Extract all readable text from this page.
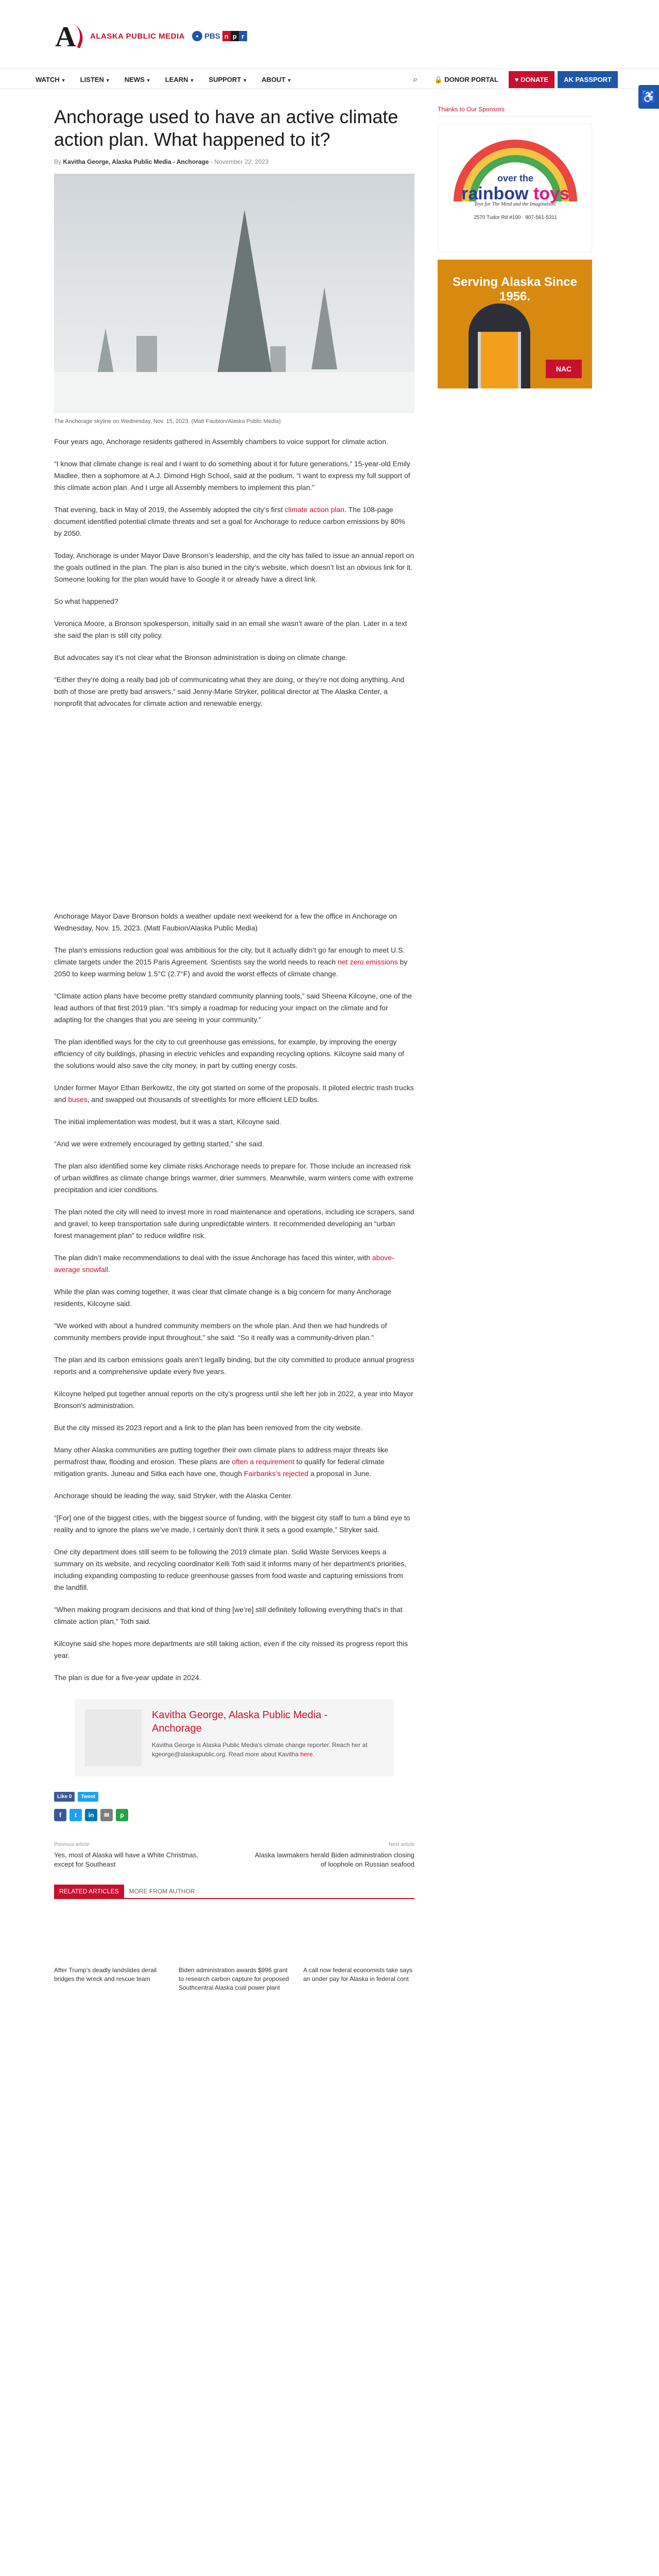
A ALASKA PUBLIC MEDIA	● PBS n p r
WATCH ▼	LISTEN ▼	NEWS ▼	LEARN ▼	SUPPORT ▼	ABOUT ▼	⌕	🔒 DONOR PORTAL	♥ DONATE	AK PASSPORT
♿
Anchorage used to have an active climate action plan. What happened to it?
By Kavitha George, Alaska Public Media - Anchorage - November 22, 2023

The Anchorage skyline on Wednesday, Nov. 15, 2023. (Matt Faubion/Alaska Public Media)

Four years ago, Anchorage residents gathered in Assembly chambers to voice support for climate action.

“I know that climate change is real and I want to do something about it for future generations,” 15-year-old Emily Madlee, then a sophomore at A.J. Dimond High School, said at the podium. “I want to express my full support of this climate action plan. And I urge all Assembly members to implement this plan.”

That evening, back in May of 2019, the Assembly adopted the city’s first climate action plan. The 108-page document identified potential climate threats and set a goal for Anchorage to reduce carbon emissions by 80% by 2050.

Today, Anchorage is under Mayor Dave Bronson’s leadership, and the city has failed to issue an annual report on the goals outlined in the plan. The plan is also buried in the city’s website, which doesn’t list an obvious link for it. Someone looking for the plan would have to Google it or already have a direct link.

So what happened?

Veronica Moore, a Bronson spokesperson, initially said in an email she wasn’t aware of the plan. Later in a text she said the plan is still city policy.

But advocates say it’s not clear what the Bronson administration is doing on climate change.

“Either they’re doing a really bad job of communicating what they are doing, or they’re not doing anything. And both of those are pretty bad answers,” said Jenny-Marie Stryker, political director at The Alaska Center, a nonprofit that advocates for climate action and renewable energy.

Anchorage Mayor Dave Bronson holds a weather update next weekend for a few the office in Anchorage on Wednesday, Nov. 15, 2023. (Matt Faubion/Alaska Public Media)

The plan’s emissions reduction goal was ambitious for the city, but it actually didn’t go far enough to meet U.S. climate targets under the 2015 Paris Agreement. Scientists say the world needs to reach net zero emissions by 2050 to keep warming below 1.5°C (2.7°F) and avoid the worst effects of climate change.

“Climate action plans have become pretty standard community planning tools,” said Sheena Kilcoyne, one of the lead authors of that first 2019 plan. “It’s simply a roadmap for reducing your impact on the climate and for adapting for the changes that you are seeing in your community.”

The plan identified ways for the city to cut greenhouse gas emissions, for example, by improving the energy efficiency of city buildings, phasing in electric vehicles and expanding recycling options. Kilcoyne said many of the solutions would also save the city money, in part by cutting energy costs.

Under former Mayor Ethan Berkowitz, the city got started on some of the proposals. It piloted electric trash trucks and buses, and swapped out thousands of streetlights for more efficient LED bulbs.

The initial implementation was modest, but it was a start, Kilcoyne said.

“And we were extremely encouraged by getting started,” she said.

The plan also identified some key climate risks Anchorage needs to prepare for. Those include an increased risk of urban wildfires as climate change brings warmer, drier summers. Meanwhile, warm winters come with extreme precipitation and icier conditions.

The plan noted the city will need to invest more in road maintenance and operations, including ice scrapers, sand and gravel, to keep transportation safe during unpredictable winters. It recommended developing an “urban forest management plan” to reduce wildfire risk.

The plan didn’t make recommendations to deal with the issue Anchorage has faced this winter, with above-average snowfall.

While the plan was coming together, it was clear that climate change is a big concern for many Anchorage residents, Kilcoyne said.

“We worked with about a hundred community members on the whole plan. And then we had hundreds of community members provide input throughout,” she said. “So it really was a community-driven plan.”

The plan and its carbon emissions goals aren’t legally binding, but the city committed to produce annual progress reports and a comprehensive update every five years.

Kilcoyne helped put together annual reports on the city’s progress until she left her job in 2022, a year into Mayor Bronson’s administration.

But the city missed its 2023 report and a link to the plan has been removed from the city website.

Many other Alaska communities are putting together their own climate plans to address major threats like permafrost thaw, flooding and erosion. These plans are often a requirement to qualify for federal climate mitigation grants. Juneau and Sitka each have one, though Fairbanks’s rejected a proposal in June.

Anchorage should be leading the way, said Stryker, with the Alaska Center.

“[For] one of the biggest cities, with the biggest source of funding, with the biggest city staff to turn a blind eye to reality and to ignore the plans we’ve made, I certainly don’t think it sets a good example,” Stryker said.

One city department does still seem to be following the 2019 climate plan. Solid Waste Services keeps a summary on its website, and recycling coordinator Kelli Toth said it informs many of her department’s priorities, including expanding composting to reduce greenhouse gasses from food waste and capturing emissions from the landfill.

“When making program decisions and that kind of thing [we’re] still definitely following everything that’s in that climate action plan,” Toth said.

Kilcoyne said she hopes more departments are still taking action, even if the city missed its progress report this year.

The plan is due for a five-year update in 2024.

Kavitha George, Alaska Public Media - Anchorage
Kavitha George is Alaska Public Media’s climate change reporter. Reach her at kgeorge@alaskapublic.org. Read more about Kavitha here.
Like 0	Tweet
f	t	in	✉	p
Previous article
Yes, most of Alaska will have a White Christmas, except for Southeast
Next article
Alaska lawmakers herald Biden administration closing of loophole on Russian seafood
RELATED ARTICLES	MORE FROM AUTHOR
After Trump’s deadly landslides derail bridges the wreck and rescue team
Biden administration awards $996 grant to research carbon capture for proposed Southcentral Alaska coal power plant
A call now federal economists take says an under pay for Alaska in federal cont
Thanks to Our Sponsors
over the
rainbow toys
Toys for The Mind and the Imagination!
2570 Tudor Rd #100 · 907-561-5311
Serving Alaska Since 1956.
NAC
